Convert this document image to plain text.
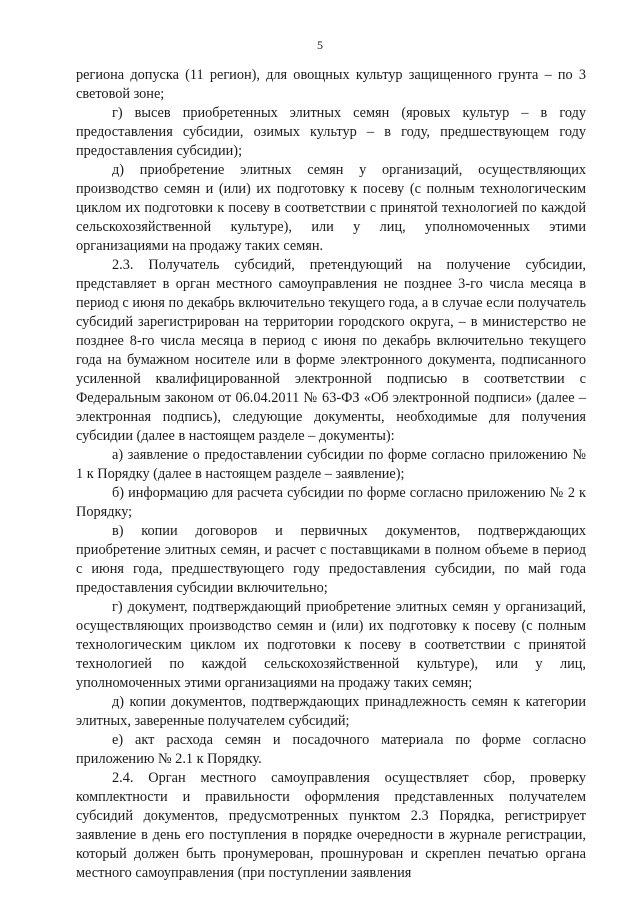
5

региона допуска (11 регион), для овощных культур защищенного грунта – по 3 световой зоне;

г) высев приобретенных элитных семян (яровых культур – в году предоставления субсидии, озимых культур – в году, предшествующем году предоставления субсидии);

д) приобретение элитных семян у организаций, осуществляющих производство семян и (или) их подготовку к посеву (с полным технологическим циклом их подготовки к посеву в соответствии с принятой технологией по каждой сельскохозяйственной культуре), или у лиц, уполномоченных этими организациями на продажу таких семян.

2.3. Получатель субсидий, претендующий на получение субсидии, представляет в орган местного самоуправления не позднее 3-го числа месяца в период с июня по декабрь включительно текущего года, а в случае если получатель субсидий зарегистрирован на территории городского округа, – в министерство не позднее 8-го числа месяца в период с июня по декабрь включительно текущего года на бумажном носителе или в форме электронного документа, подписанного усиленной квалифицированной электронной подписью в соответствии с Федеральным законом от 06.04.2011 № 63-ФЗ «Об электронной подписи» (далее – электронная подпись), следующие документы, необходимые для получения субсидии (далее в настоящем разделе – документы):

а) заявление о предоставлении субсидии по форме согласно приложению № 1 к Порядку (далее в настоящем разделе – заявление);

б) информацию для расчета субсидии по форме согласно приложению № 2 к Порядку;

в) копии договоров и первичных документов, подтверждающих приобретение элитных семян, и расчет с поставщиками в полном объеме в период с июня года, предшествующего году предоставления субсидии, по май года предоставления субсидии включительно;

г) документ, подтверждающий приобретение элитных семян у организаций, осуществляющих производство семян и (или) их подготовку к посеву (с полным технологическим циклом их подготовки к посеву в соответствии с принятой технологией по каждой сельскохозяйственной культуре), или у лиц, уполномоченных этими организациями на продажу таких семян;

д) копии документов, подтверждающих принадлежность семян к категории элитных, заверенные получателем субсидий;

е) акт расхода семян и посадочного материала по форме согласно приложению № 2.1 к Порядку.

2.4. Орган местного самоуправления осуществляет сбор, проверку комплектности и правильности оформления представленных получателем субсидий документов, предусмотренных пунктом 2.3 Порядка, регистрирует заявление в день его поступления в порядке очередности в журнале регистрации, который должен быть пронумерован, прошнурован и скреплен печатью органа местного самоуправления (при поступлении заявления
